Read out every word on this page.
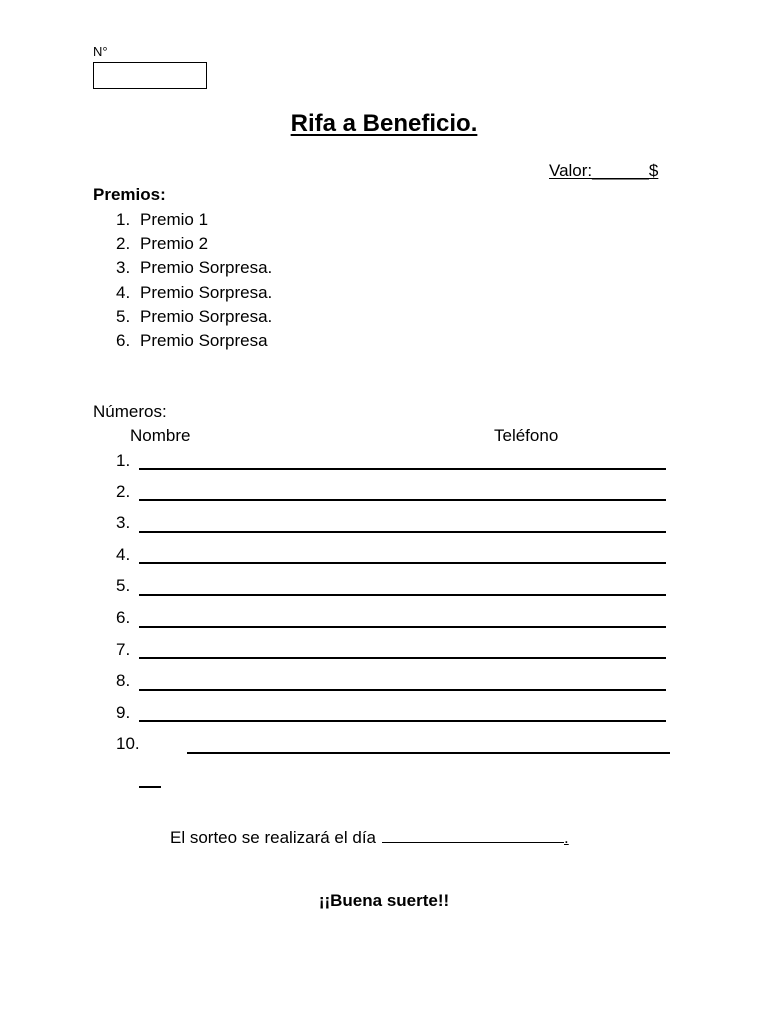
N°
Rifa a Beneficio.
Valor:______$
Premios:
1. Premio 1
2. Premio 2
3. Premio Sorpresa.
4. Premio Sorpresa.
5. Premio Sorpresa.
6. Premio Sorpresa
Números:
Nombre	Teléfono
1.
2.
3.
4.
5.
6.
7.
8.
9.
10.
El sorteo se realizará el día	.
¡¡Buena suerte!!
